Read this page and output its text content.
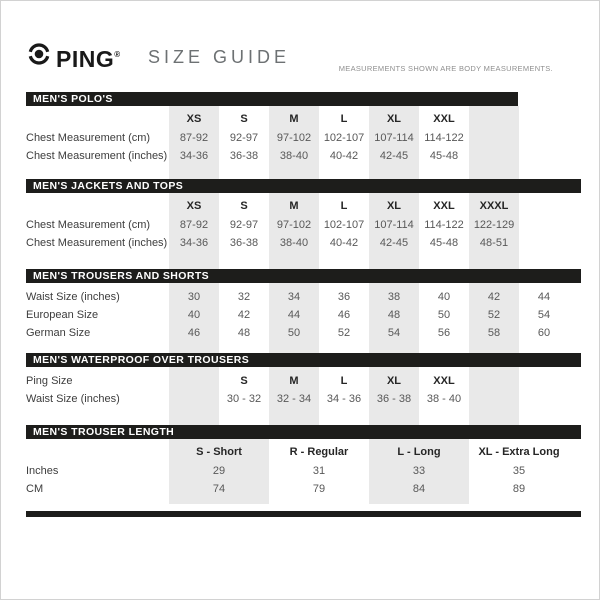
PING® SIZE GUIDE
MEASUREMENTS SHOWN ARE BODY MEASUREMENTS.
MEN'S POLO'S
XS	S	M	L	XL	XXL
Chest Measurement (cm)	87-92	92-97	97-102	102-107 107-114 114-122
Chest Measurement (inches)	34-36	36-38	38-40	40-42	42-45	45-48
MEN'S JACKETS AND TOPS
XS	S	M	L	XL	XXL	XXXL
Chest Measurement (cm)	87-92	92-97	97-102	102-107 107-114 114-122 122-129
Chest Measurement (inches)	34-36	36-38	38-40	40-42	42-45	45-48	48-51
MEN'S TROUSERS AND SHORTS
Waist Size (inches)	30	32	34	36	38	40	42	44
European Size	40	42	44	46	48	50	52	54
German Size	46	48	50	52	54	56	58	60
MEN'S WATERPROOF OVER TROUSERS
Ping Size	S	M	L	XL	XXL
Waist Size (inches)	30 - 32	32 - 34	34 - 36	36 - 38	38 - 40
MEN'S TROUSER LENGTH
S - Short	R - Regular	L - Long	XL - Extra Long
Inches	29	31	33	35
CM	74	79	84	89
